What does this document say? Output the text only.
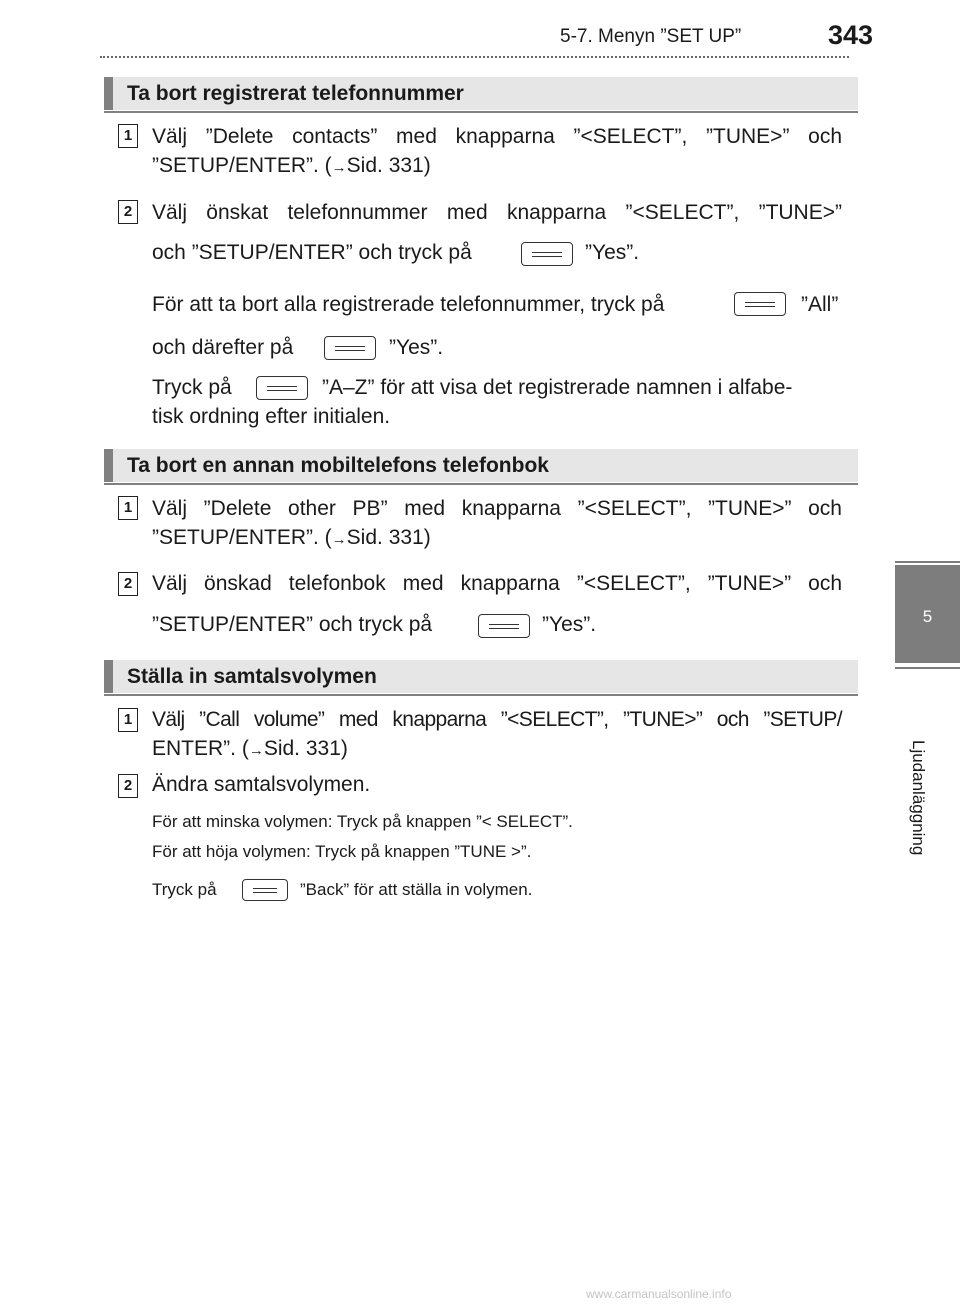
5-7. Menyn ”SET UP”	343
5
Ljudanläggning
Ta bort registrerat telefonnummer
1 Välj ”Delete contacts” med knapparna ”<SELECT”, ”TUNE>” och
”SETUP/ENTER”. (→Sid. 331)
2 Välj önskat telefonnummer med knapparna ”<SELECT”, ”TUNE>”
och ”SETUP/ENTER” och tryck på	”Yes”.
För att ta bort alla registrerade telefonnummer, tryck på	”All”
och därefter på	”Yes”.
Tryck på	”A–Z” för att visa det registrerade namnen i alfabe-
tisk ordning efter initialen.
Ta bort en annan mobiltelefons telefonbok
1 Välj ”Delete other PB” med knapparna ”<SELECT”, ”TUNE>” och
”SETUP/ENTER”. (→Sid. 331)
2 Välj önskad telefonbok med knapparna ”<SELECT”, ”TUNE>” och
”SETUP/ENTER” och tryck på	”Yes”.
Ställa in samtalsvolymen
1 Välj ”Call volume” med knapparna ”<SELECT”, ”TUNE>” och ”SETUP/
ENTER”. (→Sid. 331)
2 Ändra samtalsvolymen.
För att minska volymen: Tryck på knappen ”< SELECT”.
För att höja volymen: Tryck på knappen ”TUNE >”.
Tryck på	”Back” för att ställa in volymen.
www.carmanualsonline.info
